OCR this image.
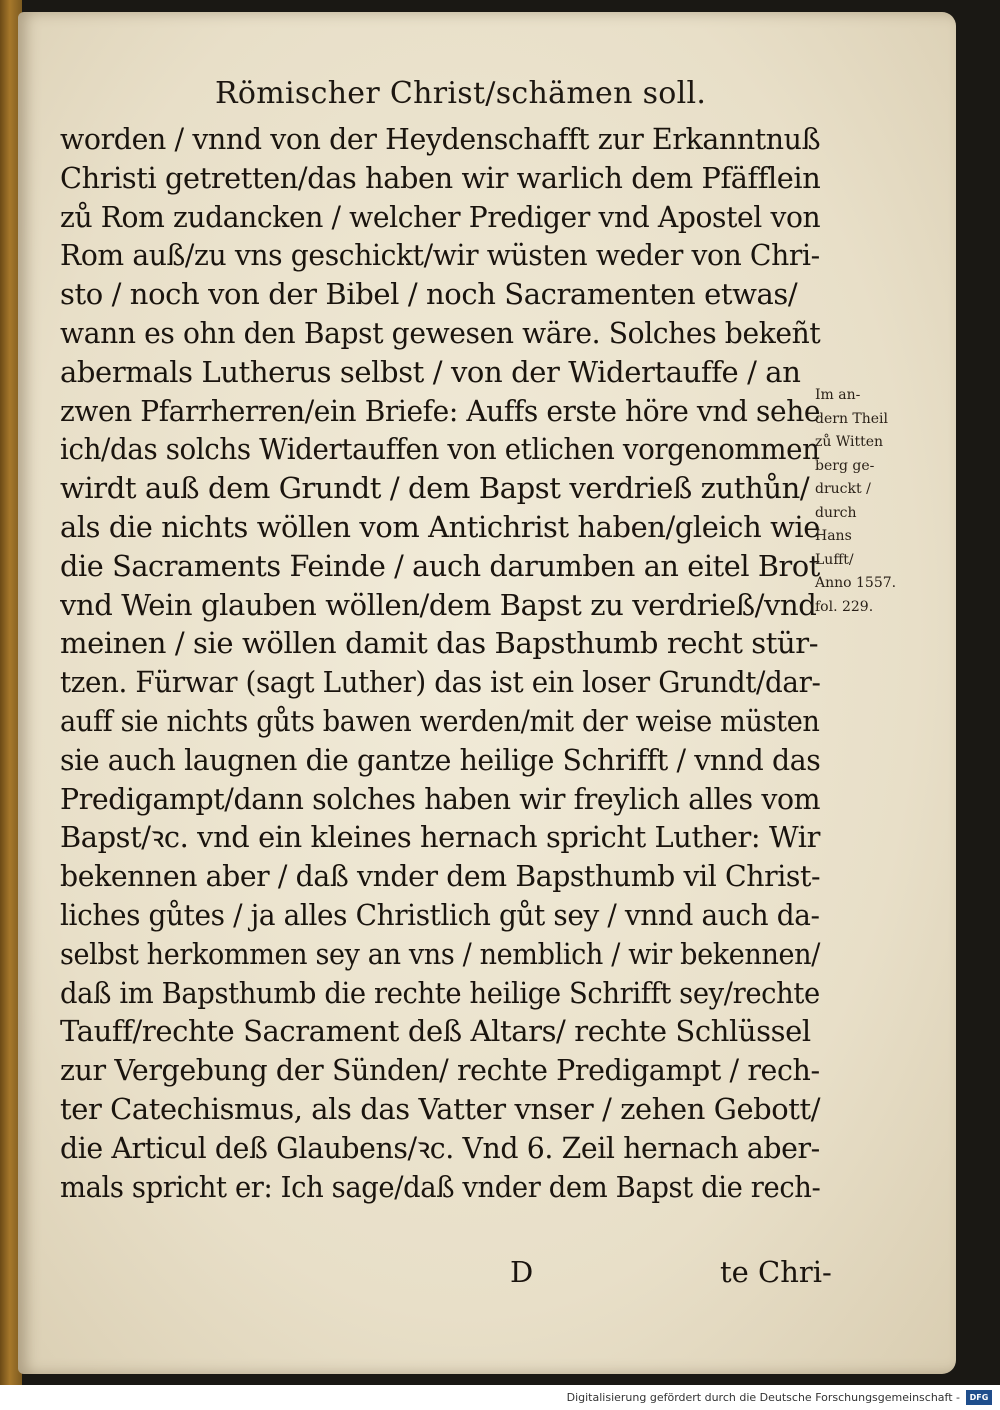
Römischer Christ/schämen soll.
worden / vnnd von der Heydenschafft zur Erkanntnuß
Christi getretten/das haben wir warlich dem Pfäfflein
zů Rom zudancken / welcher Prediger vnd Apostel von
Rom auß/zu vns geschickt/wir wüsten weder von Chri-
sto / noch von der Bibel / noch Sacramenten etwas/
wann es ohn den Bapst gewesen wäre. Solches bekeñt
abermals Lutherus selbst / von der Widertauffe / an
zwen Pfarrherren/ein Briefe: Auffs erste höre vnd sehe
ich/das solchs Widertauffen von etlichen vorgenommen
wirdt auß dem Grundt / dem Bapst verdrieß zuthůn/
als die nichts wöllen vom Antichrist haben/gleich wie
die Sacraments Feinde / auch darumben an eitel Brot
vnd Wein glauben wöllen/dem Bapst zu verdrieß/vnd
meinen / sie wöllen damit das Bapsthumb recht stür-
tzen. Fürwar (sagt Luther) das ist ein loser Grundt/dar-
auff sie nichts gůts bawen werden/mit der weise müsten
sie auch laugnen die gantze heilige Schrifft / vnnd das
Predigampt/dann solches haben wir freylich alles vom
Bapst/ꝛc. vnd ein kleines hernach spricht Luther: Wir
bekennen aber / daß vnder dem Bapsthumb vil Christ-
liches gůtes / ja alles Christlich gůt sey / vnnd auch da-
selbst herkommen sey an vns / nemblich / wir bekennen/
daß im Bapsthumb die rechte heilige Schrifft sey/rechte
Tauff/rechte Sacrament deß Altars/ rechte Schlüssel
zur Vergebung der Sünden/ rechte Predigampt / rech-
ter Catechismus, als das Vatter vnser / zehen Gebott/
die Articul deß Glaubens/ꝛc. Vnd 6. Zeil hernach aber-
mals spricht er: Ich sage/daß vnder dem Bapst die rech-
D	te Chri-
Im an-
dern Theil
zů Witten
berg ge-
druckt /
durch
Hans
Lufft/
Anno 1557.
fol. 229.
Digitalisierung gefördert durch die Deutsche Forschungsgemeinschaft -	DFG
